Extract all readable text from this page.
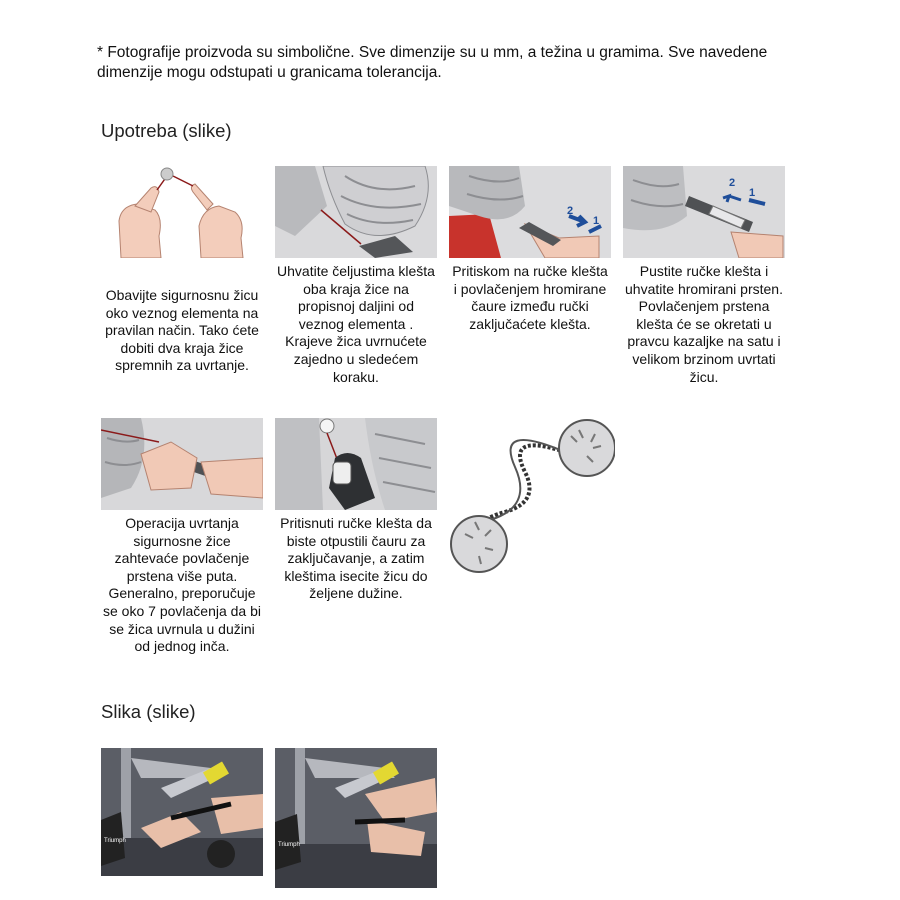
* Fotografije proizvoda su simbolične. Sve dimenzije su u mm, a težina u gramima. Sve navedene dimenzije mogu odstupati u granicama tolerancija.
Upotreba (slike)
Obavijte sigurnosnu žicu oko veznog elementa na pravilan način. Tako ćete dobiti dva kraja žice spremnih za uvrtanje.
Uhvatite čeljustima klešta oba kraja žice na propisnoj daljini od veznog elementa . Krajeve žica uvrnućete zajedno u sledećem koraku.
2
1
Pritiskom na ručke klešta i povlačenjem hromirane čaure između ručki zaključaćete klešta.
2
1
Pustite ručke klešta i uhvatite hromirani prsten. Povlačenjem prstena klešta će se okretati u pravcu kazaljke na satu i velikom brzinom uvrtati žicu.
Operacija uvrtanja sigurnosne žice zahtevaće povlačenje prstena više puta. Generalno, preporučuje se oko 7 povlačenja da bi se žica uvrnula u dužini od jednog inča.
Pritisnuti ručke klešta da biste otpustili čauru za zaključavanje, a zatim kleštima isecite žicu do željene dužine.
Slika (slike)
Triumph
Triumph
